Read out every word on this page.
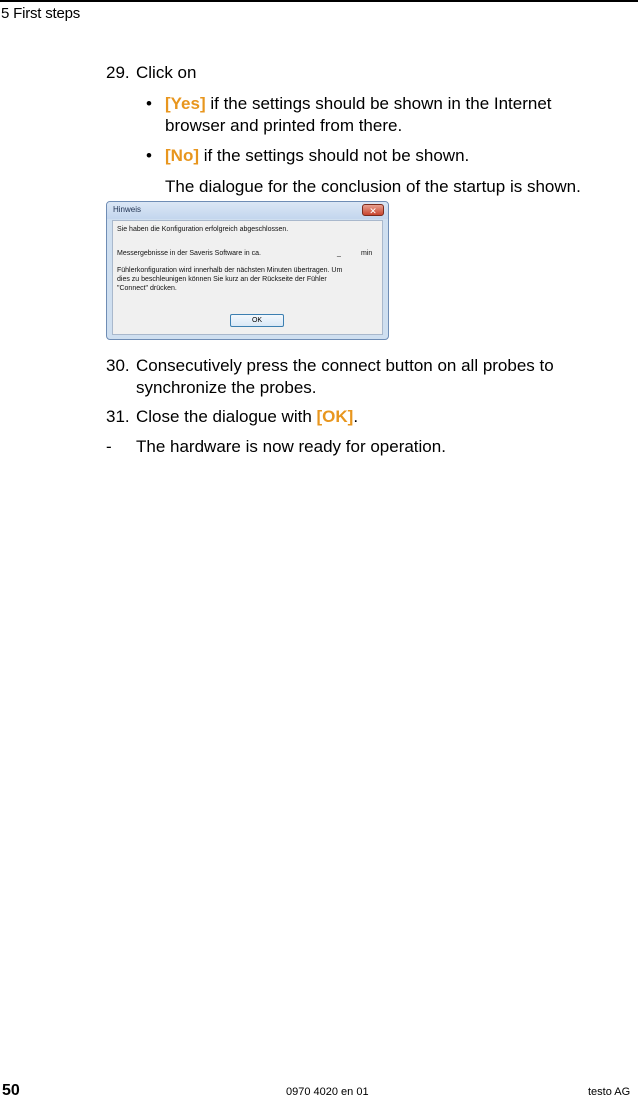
5 First steps
29. Click on
• [Yes] if the settings should be shown in the Internet
browser and printed from there.
• [No] if the settings should not be shown.
The dialogue for the conclusion of the startup is shown.
Hinweis	✕
Sie haben die Konfiguration erfolgreich abgeschlossen.
Messergebnisse in der Saveris Software in ca.	_	min
Fühlerkonfiguration wird innerhalb der nächsten Minuten übertragen. Um
dies zu beschleunigen können Sie kurz an der Rückseite der Fühler
"Connect" drücken.
OK
30. Consecutively press the connect button on all probes to
synchronize the probes.
31. Close the dialogue with [OK].
- The hardware is now ready for operation.
50	0970 4020 en 01	testo AG
